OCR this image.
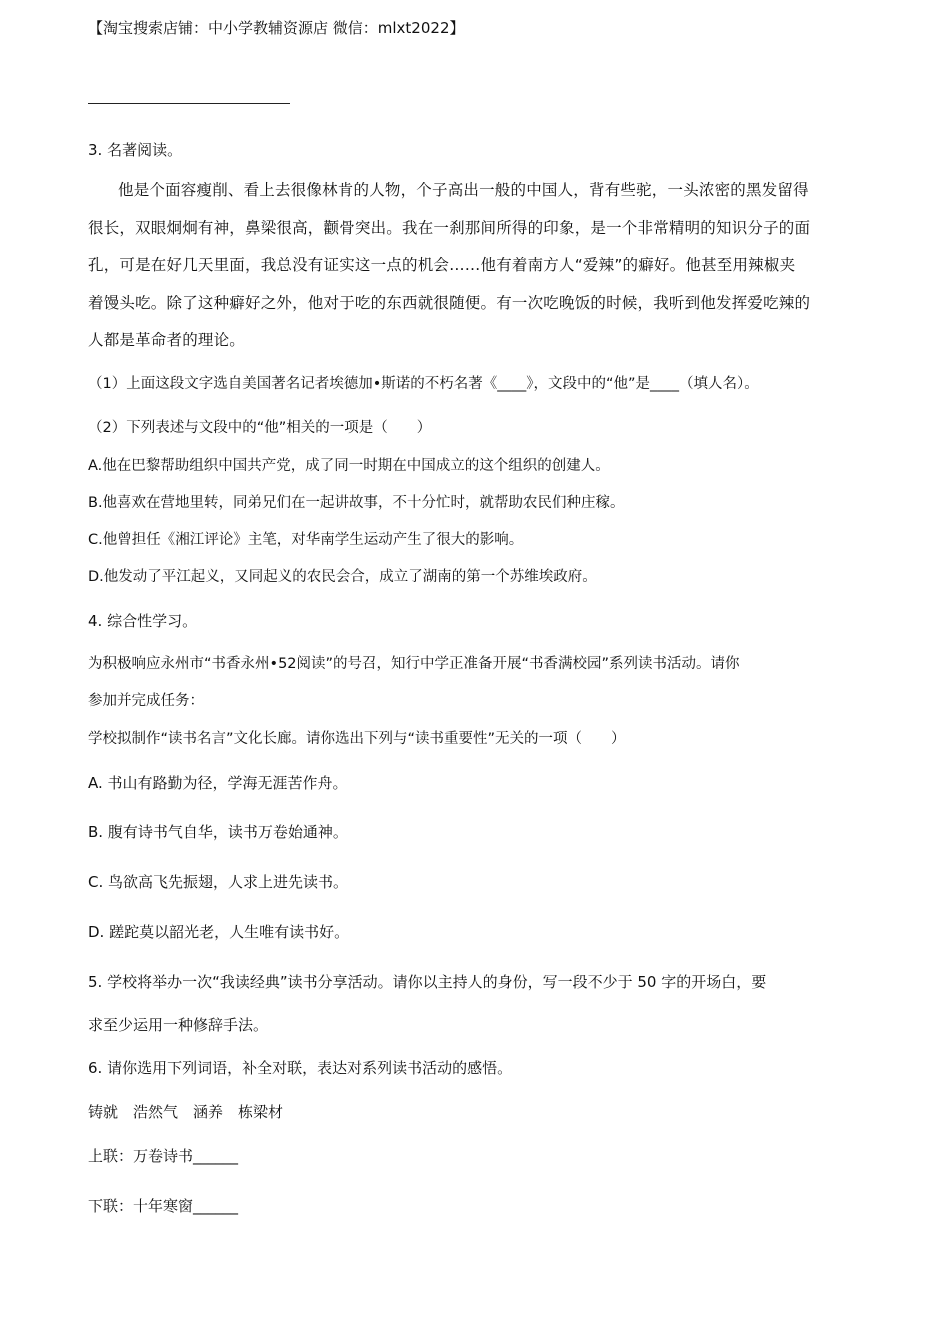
【淘宝搜索店铺：中小学教辅资源店 微信：mlxt2022】
3. 名著阅读。
他是个面容瘦削、看上去很像林肯的人物，个子高出一般的中国人，背有些驼，一头浓密的黑发留得
很长，双眼炯炯有神，鼻梁很高，颧骨突出。我在一刹那间所得的印象，是一个非常精明的知识分子的面
孔，可是在好几天里面，我总没有证实这一点的机会……他有着南方人“爱辣”的癖好。他甚至用辣椒夹
着馒头吃。除了这种癖好之外，他对于吃的东西就很随便。有一次吃晚饭的时候，我听到他发挥爱吃辣的
人都是革命者的理论。
（1）上面这段文字选自美国著名记者埃德加•斯诺的不朽名著《____》，文段中的“他”是____（填人名）。
（2）下列表述与文段中的“他”相关的一项是（　　）
A.他在巴黎帮助组织中国共产党，成了同一时期在中国成立的这个组织的创建人。
B.他喜欢在营地里转，同弟兄们在一起讲故事，不十分忙时，就帮助农民们种庄稼。
C.他曾担任《湘江评论》主笔，对华南学生运动产生了很大的影响。
D.他发动了平江起义，又同起义的农民会合，成立了湖南的第一个苏维埃政府。
4. 综合性学习。
为积极响应永州市“书香永州•52阅读”的号召，知行中学正准备开展“书香满校园”系列读书活动。请你
参加并完成任务：
学校拟制作“读书名言”文化长廊。请你选出下列与“读书重要性”无关的一项（　　）
A. 书山有路勤为径，学海无涯苦作舟。
B. 腹有诗书气自华，读书万卷始通神。
C. 鸟欲高飞先振翅，人求上进先读书。
D. 蹉跎莫以韶光老，人生唯有读书好。
5. 学校将举办一次“我读经典”读书分享活动。请你以主持人的身份，写一段不少于 50 字的开场白，要
求至少运用一种修辞手法。
6. 请你选用下列词语，补全对联，表达对系列读书活动的感悟。
铸就　浩然气　涵养　栋梁材
上联：万卷诗书______
下联：十年寒窗______
